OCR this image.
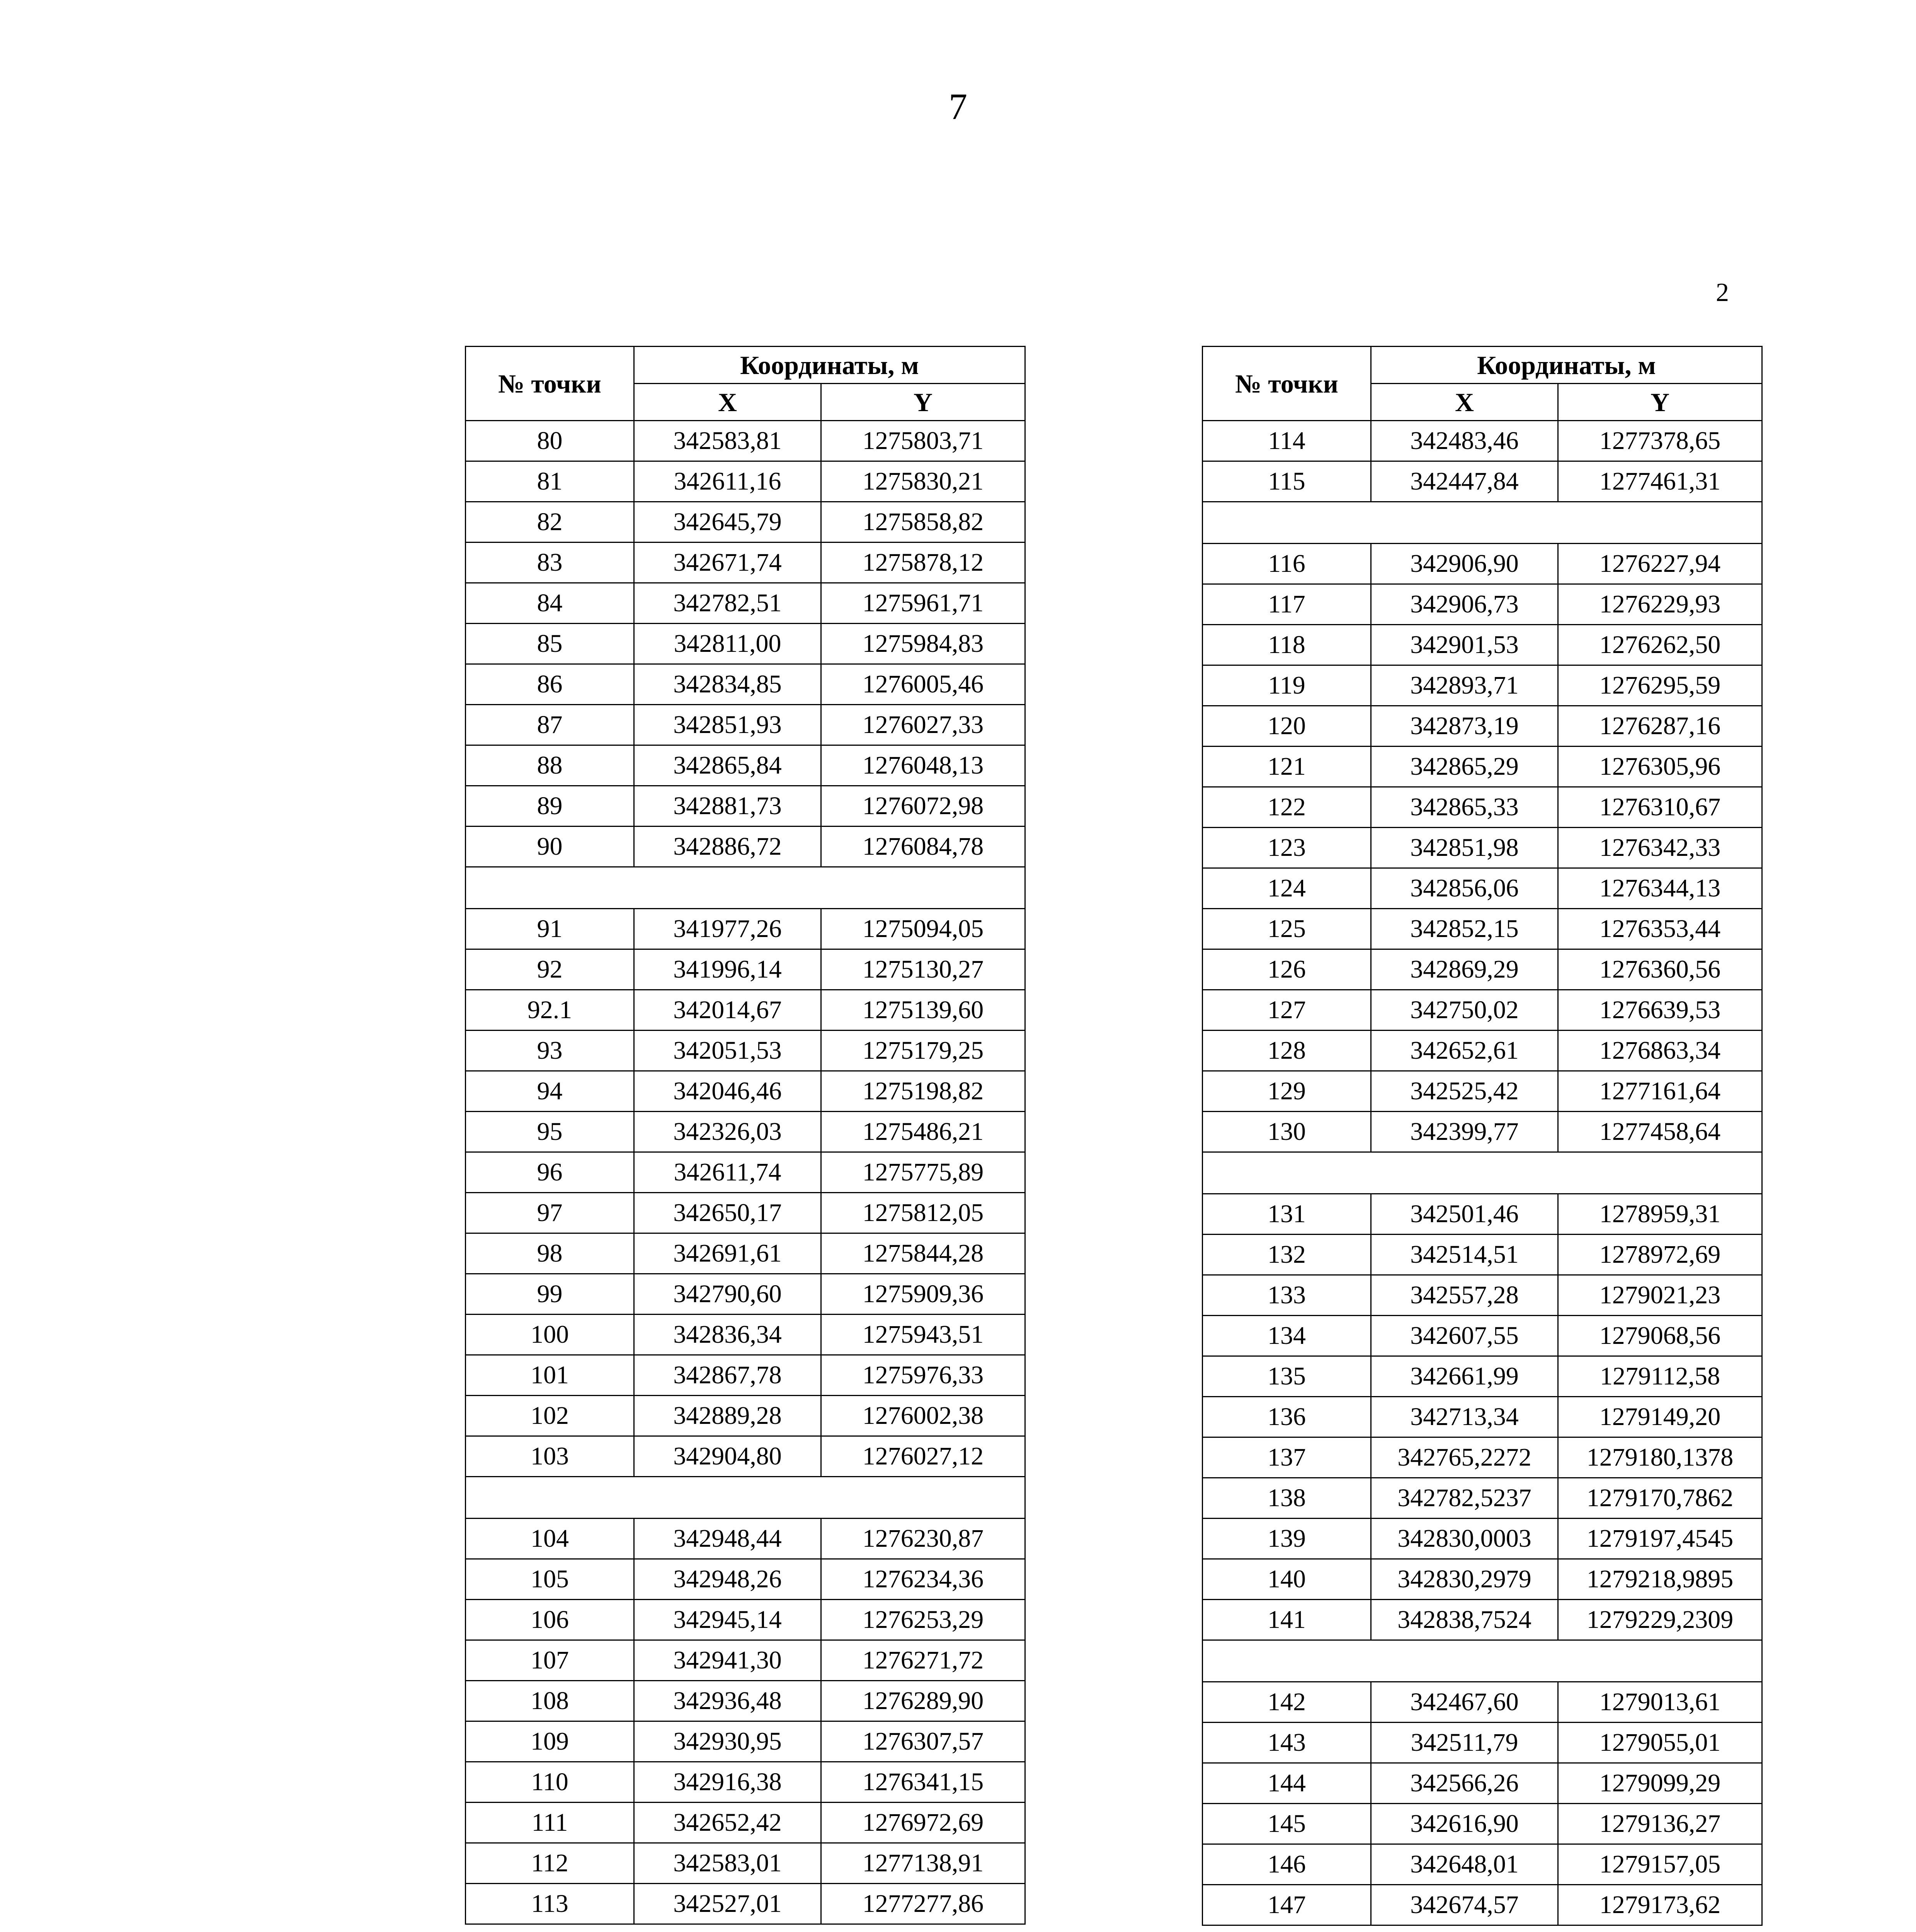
7
2
№ точки	Координаты, м	
	X	Y
80	342583,81	1275803,71
81	342611,16	1275830,21
82	342645,79	1275858,82
83	342671,74	1275878,12
84	342782,51	1275961,71
85	342811,00	1275984,83
86	342834,85	1276005,46
87	342851,93	1276027,33
88	342865,84	1276048,13
89	342881,73	1276072,98
90	342886,72	1276084,78

91	341977,26	1275094,05
92	341996,14	1275130,27
92.1	342014,67	1275139,60
93	342051,53	1275179,25
94	342046,46	1275198,82
95	342326,03	1275486,21
96	342611,74	1275775,89
97	342650,17	1275812,05
98	342691,61	1275844,28
99	342790,60	1275909,36
100	342836,34	1275943,51
101	342867,78	1275976,33
102	342889,28	1276002,38
103	342904,80	1276027,12

104	342948,44	1276230,87
105	342948,26	1276234,36
106	342945,14	1276253,29
107	342941,30	1276271,72
108	342936,48	1276289,90
109	342930,95	1276307,57
110	342916,38	1276341,15
111	342652,42	1276972,69
112	342583,01	1277138,91
113	342527,01	1277277,86
№ точки	Координаты, м	
	X	Y
114	342483,46	1277378,65
115	342447,84	1277461,31

116	342906,90	1276227,94
117	342906,73	1276229,93
118	342901,53	1276262,50
119	342893,71	1276295,59
120	342873,19	1276287,16
121	342865,29	1276305,96
122	342865,33	1276310,67
123	342851,98	1276342,33
124	342856,06	1276344,13
125	342852,15	1276353,44
126	342869,29	1276360,56
127	342750,02	1276639,53
128	342652,61	1276863,34
129	342525,42	1277161,64
130	342399,77	1277458,64

131	342501,46	1278959,31
132	342514,51	1278972,69
133	342557,28	1279021,23
134	342607,55	1279068,56
135	342661,99	1279112,58
136	342713,34	1279149,20
137	342765,2272	1279180,1378
138	342782,5237	1279170,7862
139	342830,0003	1279197,4545
140	342830,2979	1279218,9895
141	342838,7524	1279229,2309

142	342467,60	1279013,61
143	342511,79	1279055,01
144	342566,26	1279099,29
145	342616,90	1279136,27
146	342648,01	1279157,05
147	342674,57	1279173,62
